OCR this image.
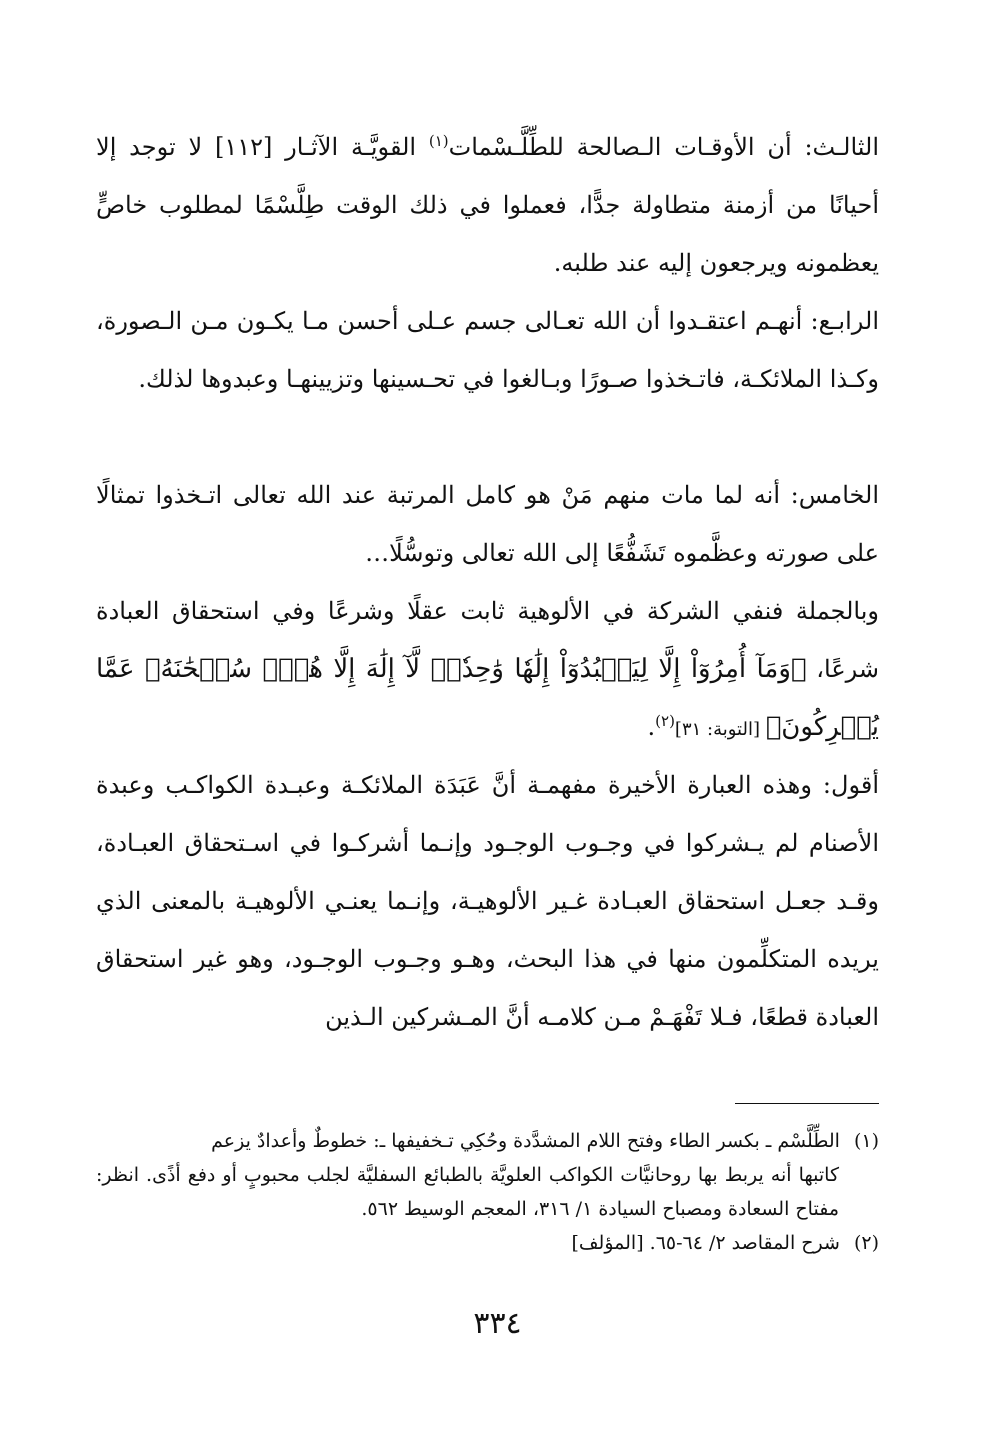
الثالـث: أن الأوقـات الـصالحة للطِّلَّـسْمات$^{(١)}$ القويَّـة الآثـار [١١٢] لا توجد إلا أحيانًا من أزمنة متطاولة جدًّا، فعملوا في ذلك الوقت طِلَّسْمًا لمطلوب خاصٍّ يعظمونه ويرجعون إليه عند طلبه.

الرابـع: أنهـم اعتقـدوا أن الله تعـالى جسم عـلى أحسن مـا يكـون مـن الـصورة، وكـذا الملائكـة، فاتـخذوا صـورًا وبـالغوا في تحـسينها وتزيينهـا وعبدوها لذلك.

الخامس: أنه لما مات منهم مَنْ هو كامل المرتبة عند الله تعالى اتـخذوا تمثالًا على صورته وعظَّموه تَشَفُّعًا إلى الله تعالى وتوسُّلًا…

وبالجملة فنفي الشركة في الألوهية ثابت عقلًا وشرعًا وفي استحقاق العبادة شرعًا، ﴿وَمَآ أُمِرُوٓاْ إِلَّا لِيَعۡبُدُوٓاْ إِلَٰهٗا وَٰحِدٗاۖ لَّآ إِلَٰهَ إِلَّا هُوَۚ سُبۡحَٰنَهُۥ عَمَّا يُشۡرِكُونَ﴾ [التوبة: ٣١]$^{(٢)}$.

أقول: وهذه العبارة الأخيرة مفهمـة أنَّ عَبَدَة الملائكـة وعبـدة الكواكـب وعبدة الأصنام لم يـشركوا في وجـوب الوجـود وإنـما أشركـوا في اسـتحقاق العبـادة، وقـد جعـل استحقاق العبـادة غـير الألوهيـة، وإنـما يعنـي الألوهيـة بالمعنى الذي يريده المتكلِّمون منها في هذا البحث، وهـو وجـوب الوجـود، وهو غير استحقاق العبادة قطعًا، فـلا تَفْهَـمْ مـن كلامـه أنَّ المـشركين الـذين

(١)الطِّلَّسْم ـ بكسر الطاء وفتح اللام المشدَّدة وحُكِي تـخفيفها ـ: خطوطٌ وأعدادٌ يزعم
كاتبها أنه يربط بها روحانيَّات الكواكب العلويَّة بالطبائع السفليَّة لجلب محبوبٍ أو دفع أذًى. انظر: مفتاح السعادة ومصباح السيادة ١/ ٣١٦، المعجم الوسيط ٥٦٢.

(٢)شرح المقاصد ٢/ ٦٤-٦٥. [المؤلف]

٣٣٤
